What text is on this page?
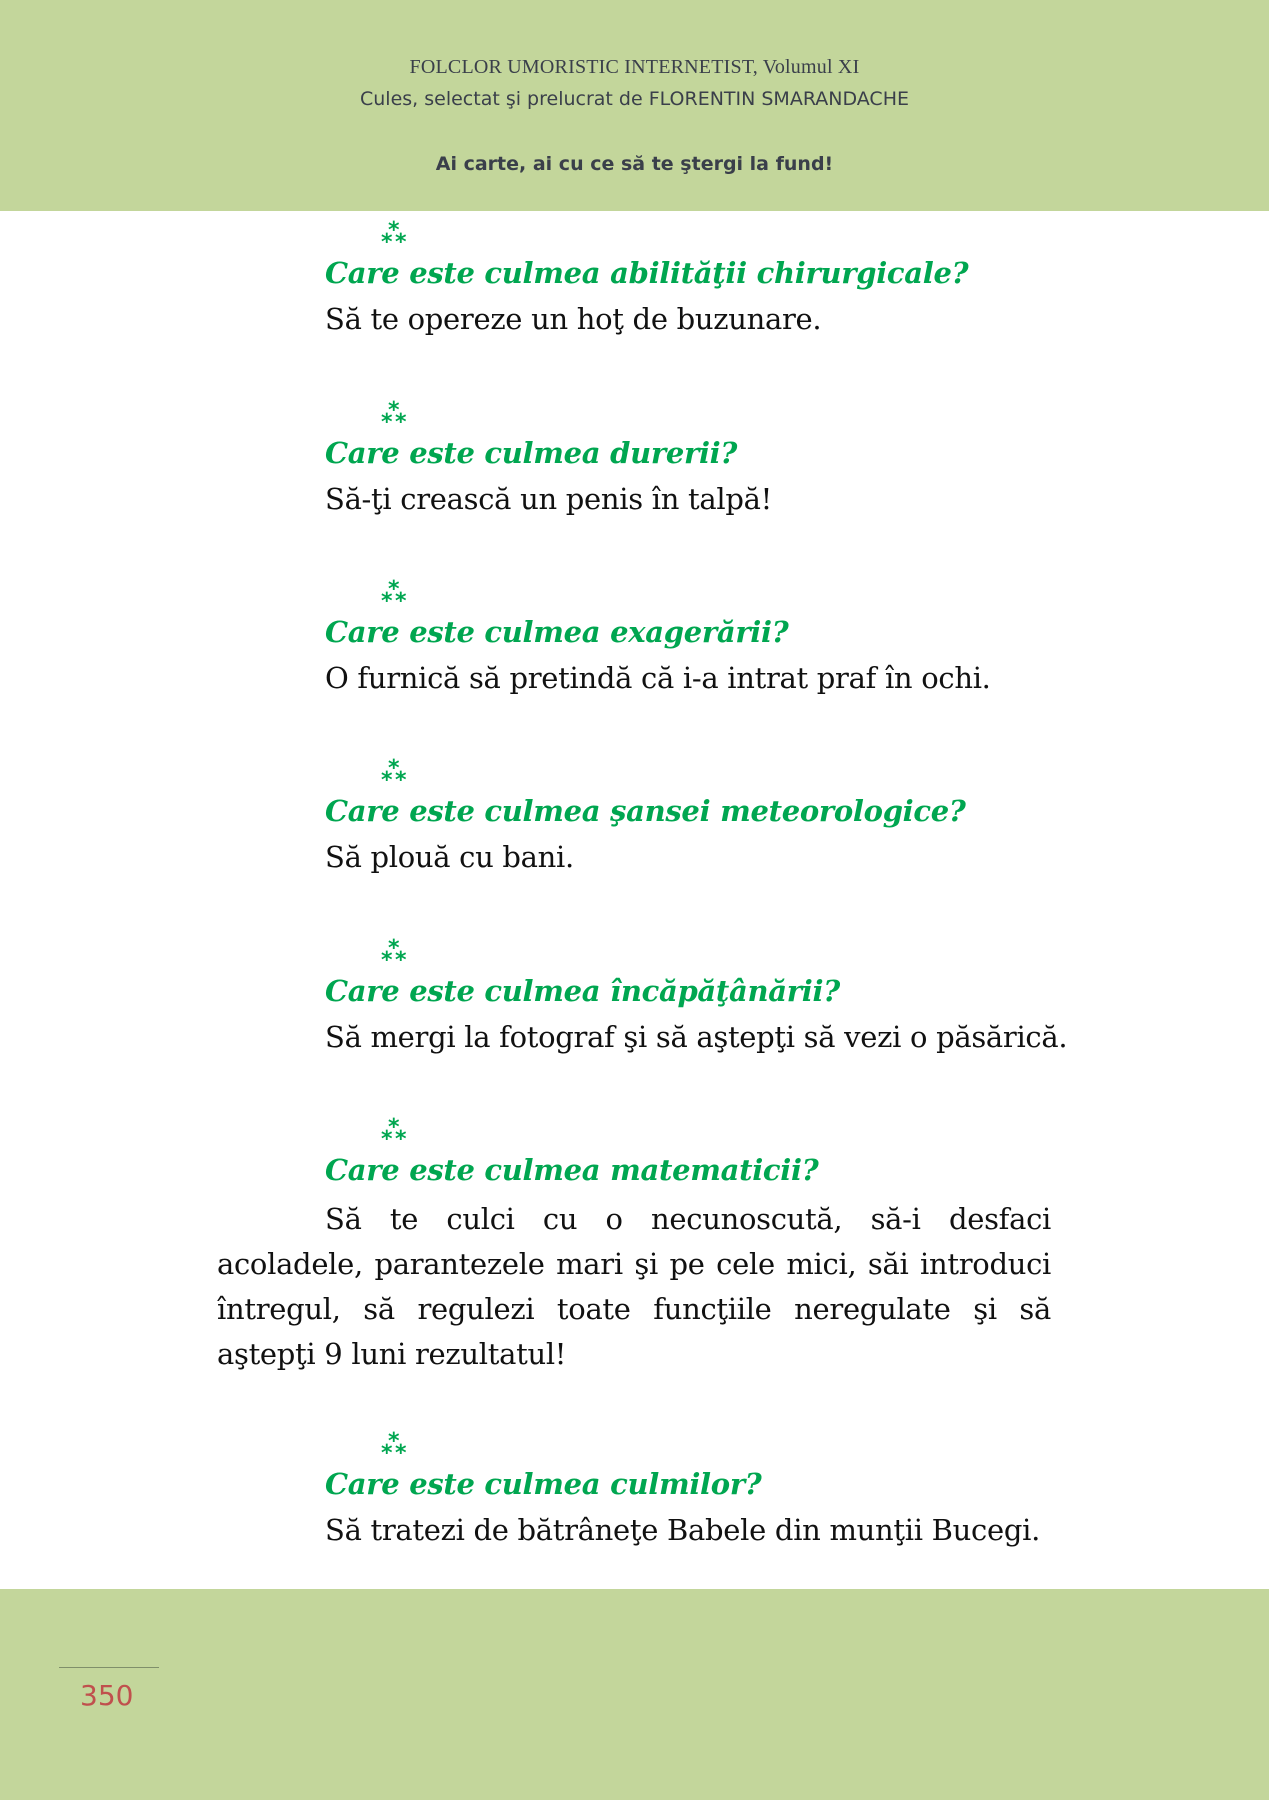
FOLCLOR UMORISTIC INTERNETIST, Volumul XI
Cules, selectat şi prelucrat de FLORENTIN SMARANDACHE
Ai carte, ai cu ce să te ştergi la fund!
*
* *
Care este culmea abilităţii chirurgicale?
Să te opereze un hoţ de buzunare.
*
* *
Care este culmea durerii?
Să-ţi crească un penis în talpă!
*
* *
Care este culmea exagerării?
O furnică să pretindă că i-a intrat praf în ochi.
*
* *
Care este culmea şansei meteorologice?
Să plouă cu bani.
*
* *
Care este culmea încăpăţânării?
Să mergi la fotograf şi să aştepţi să vezi o păsărică.
*
* *
Care este culmea matematicii?
Să te culci cu o necunoscută, să-i desfaci acoladele, parantezele mari şi pe cele mici, săi introduci întregul, să regulezi toate funcţiile neregulate şi să aştepţi 9 luni rezultatul!
*
* *
Care este culmea culmilor?
Să tratezi de bătrâneţe Babele din munţii Bucegi.
350
